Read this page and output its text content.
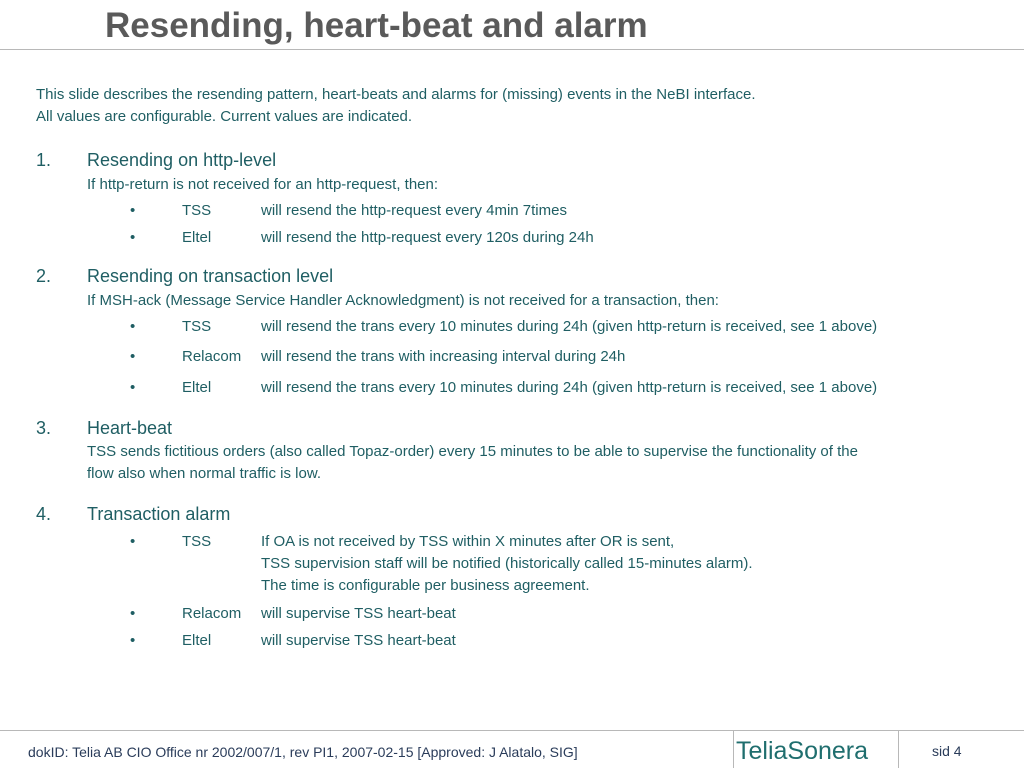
Resending, heart-beat and alarm
This slide describes the resending pattern, heart-beats and alarms for (missing) events in the NeBI interface.
All values are configurable. Current values are indicated.
1. Resending on http-level
If http-return is not received for an http-request, then:
•	TSS	will resend the http-request every 4min 7times
•	Eltel	will resend the http-request every 120s during 24h
2. Resending on transaction level
If MSH-ack (Message Service Handler Acknowledgment) is not received for a transaction, then:
•	TSS	will resend the trans every 10 minutes during 24h (given http-return is received, see 1 above)
•	Relacom will resend the trans with increasing interval during 24h
•	Eltel	will resend the trans every 10 minutes during 24h (given http-return is received, see 1 above)
3. Heart-beat
TSS sends fictitious orders (also called Topaz-order) every 15 minutes to be able to supervise the functionality of the
flow also when normal traffic is low.
4. Transaction alarm
•	TSS	If OA is not received by TSS within X minutes after OR is sent,
TSS supervision staff will be notified (historically called 15-minutes alarm).
The time is configurable per business agreement.
•	Relacom will supervise TSS heart-beat
•	Eltel	will supervise TSS heart-beat
dokID: Telia AB CIO Office nr 2002/007/1, rev PI1, 2007-02-15 [Approved: J Alatalo, SIG]	TeliaSonera	sid 4
